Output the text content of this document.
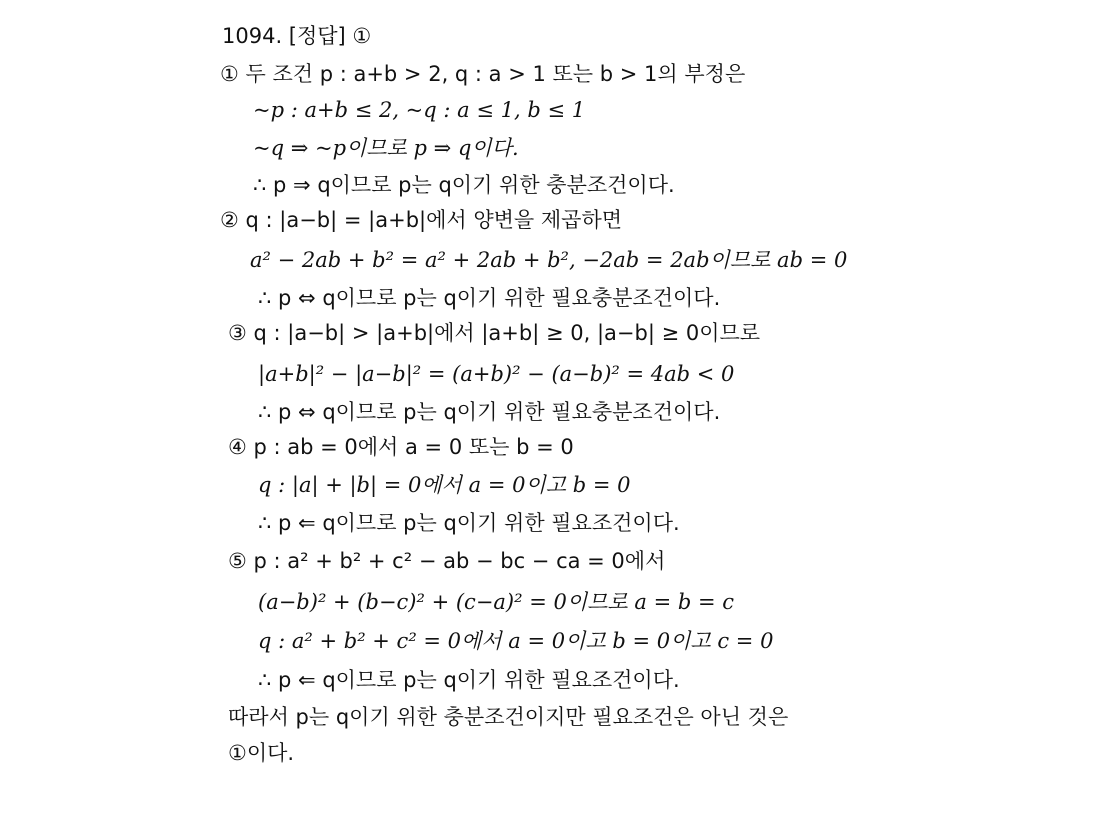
1094. [정답] ①
① 두 조건 p : a+b > 2, q : a > 1 또는 b > 1의 부정은
~p : a+b ≤ 2, ~q : a ≤ 1, b ≤ 1
~q ⇒ ~p이므로 p ⇒ q이다.
∴ p ⇒ q이므로 p는 q이기 위한 충분조건이다.
② q : |a−b| = |a+b|에서 양변을 제곱하면
a² − 2ab + b² = a² + 2ab + b², −2ab = 2ab이므로 ab = 0
∴ p ⇔ q이므로 p는 q이기 위한 필요충분조건이다.
③ q : |a−b| > |a+b|에서 |a+b| ≥ 0, |a−b| ≥ 0이므로
|a+b|² − |a−b|² = (a+b)² − (a−b)² = 4ab < 0
∴ p ⇔ q이므로 p는 q이기 위한 필요충분조건이다.
④ p : ab = 0에서 a = 0 또는 b = 0
q : |a| + |b| = 0에서 a = 0이고 b = 0
∴ p ⇐ q이므로 p는 q이기 위한 필요조건이다.
⑤ p : a² + b² + c² − ab − bc − ca = 0에서
(a−b)² + (b−c)² + (c−a)² = 0이므로 a = b = c
q : a² + b² + c² = 0에서 a = 0이고 b = 0이고 c = 0
∴ p ⇐ q이므로 p는 q이기 위한 필요조건이다.
따라서 p는 q이기 위한 충분조건이지만 필요조건은 아닌 것은
①이다.
